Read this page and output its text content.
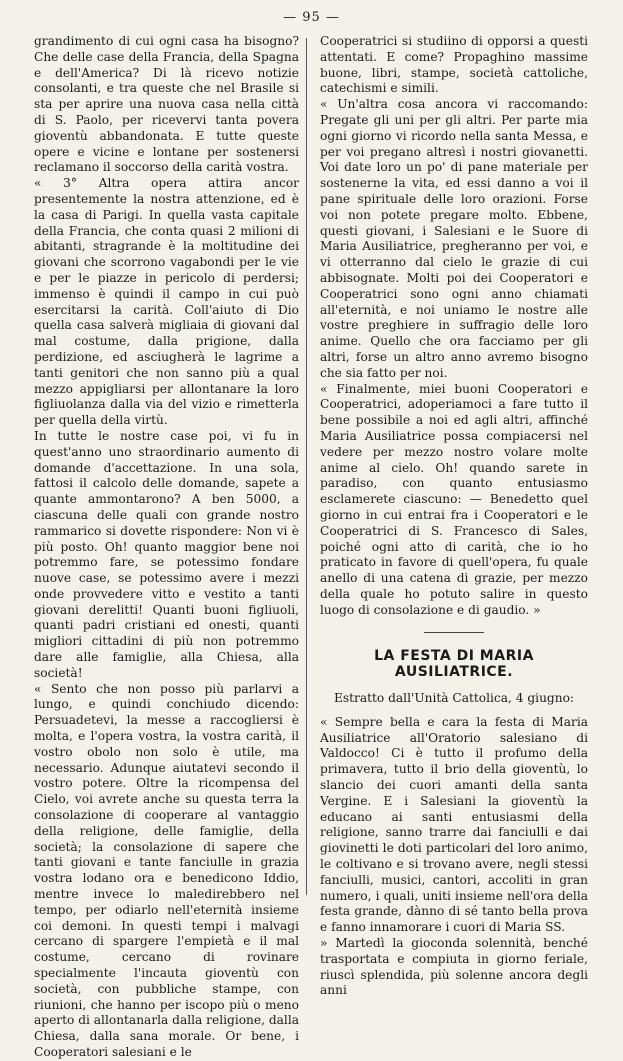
— 95 —

grandimento di cui ogni casa ha bisogno? Che delle case della Francia, della Spagna e dell'America? Di là ricevo notizie consolanti, e tra queste che nel Brasile si sta per aprire una nuova casa nella città di S. Paolo, per ricevervi tanta povera gioventù abbandonata. E tutte queste opere e vicine e lontane per sostenersi reclamano il soccorso della carità vostra.

« 3° Altra opera attira ancor presentemente la nostra attenzione, ed è la casa di Parigi. In quella vasta capitale della Francia, che conta quasi 2 milioni di abitanti, stragrande è la moltitudine dei giovani che scorrono vagabondi per le vie e per le piazze in pericolo di perdersi; immenso è quindi il campo in cui può esercitarsi la carità. Coll'aiuto di Dio quella casa salverà migliaia di giovani dal mal costume, dalla prigione, dalla perdizione, ed asciugherà le lagrime a tanti genitori che non sanno più a qual mezzo appigliarsi per allontanare la loro figliuolanza dalla via del vizio e rimetterla per quella della virtù.

In tutte le nostre case poi, vi fu in quest'anno uno straordinario aumento di domande d'accettazione. In una sola, fattosi il calcolo delle domande, sapete a quante ammontarono? A ben 5000, a ciascuna delle quali con grande nostro rammarico si dovette rispondere: Non vi è più posto. Oh! quanto maggior bene noi potremmo fare, se potessimo fondare nuove case, se potessimo avere i mezzi onde provvedere vitto e vestito a tanti giovani derelitti! Quanti buoni figliuoli, quanti padri cristiani ed onesti, quanti migliori cittadini di più non potremmo dare alle famiglie, alla Chiesa, alla società!

« Sento che non posso più parlarvi a lungo, e quindi conchiudo dicendo: Persuadetevi, la messe a raccogliersi è molta, e l'opera vostra, la vostra carità, il vostro obolo non solo è utile, ma necessario. Adunque aiutatevi secondo il vostro potere. Oltre la ricompensa del Cielo, voi avrete anche su questa terra la consolazione di cooperare al vantaggio della religione, delle famiglie, della società; la consolazione di sapere che tanti giovani e tante fanciulle in grazia vostra lodano ora e benedicono Iddio, mentre invece lo maledirebbero nel tempo, per odiarlo nell'eternità insieme coi demoni. In questi tempi i malvagi cercano di spargere l'empietà e il mal costume, cercano di rovinare specialmente l'incauta gioventù con società, con pubbliche stampe, con riunioni, che hanno per iscopo più o meno aperto di allontanarla dalla religione, dalla Chiesa, dalla sana morale. Or bene, i Cooperatori salesiani e le

Cooperatrici si studiino di opporsi a questi attentati. E come? Propaghino massime buone, libri, stampe, società cattoliche, catechismi e simili.

« Un'altra cosa ancora vi raccomando: Pregate gli uni per gli altri. Per parte mia ogni giorno vi ricordo nella santa Messa, e per voi pregano altresì i nostri giovanetti. Voi date loro un po' di pane materiale per sostenerne la vita, ed essi danno a voi il pane spirituale delle loro orazioni. Forse voi non potete pregare molto. Ebbene, questi giovani, i Salesiani e le Suore di Maria Ausiliatrice, pregheranno per voi, e vi otterranno dal cielo le grazie di cui abbisognate. Molti poi dei Cooperatori e Cooperatrici sono ogni anno chiamati all'eternità, e noi uniamo le nostre alle vostre preghiere in suffragio delle loro anime. Quello che ora facciamo per gli altri, forse un altro anno avremo bisogno che sia fatto per noi.

« Finalmente, miei buoni Cooperatori e Cooperatrici, adoperiamoci a fare tutto il bene possibile a noi ed agli altri, affinché Maria Ausiliatrice possa compiacersi nel vedere per mezzo nostro volare molte anime al cielo. Oh! quando sarete in paradiso, con quanto entusiasmo esclamerete ciascuno: — Benedetto quel giorno in cui entrai fra i Cooperatori e le Cooperatrici di S. Francesco di Sales, poiché ogni atto di carità, che io ho praticato in favore di quell'opera, fu quale anello di una catena di grazie, per mezzo della quale ho potuto salire in questo luogo di consolazione e di gaudio. »

LA FESTA DI MARIA AUSILIATRICE.
Estratto dall'Unità Cattolica, 4 giugno:

« Sempre bella e cara la festa di Maria Ausiliatrice all'Oratorio salesiano di Valdocco! Ci è tutto il profumo della primavera, tutto il brio della gioventù, lo slancio dei cuori amanti della santa Vergine. E i Salesiani la gioventù la educano ai santi entusiasmi della religione, sanno trarre dai fanciulli e dai giovinetti le doti particolari del loro animo, le coltivano e si trovano avere, negli stessi fanciulli, musici, cantori, accoliti in gran numero, i quali, uniti insieme nell'ora della festa grande, dànno di sé tanto bella prova e fanno innamorare i cuori di Maria SS.

» Martedì la gioconda solennità, benché trasportata e compiuta in giorno feriale, riuscì splendida, più solenne ancora degli anni
